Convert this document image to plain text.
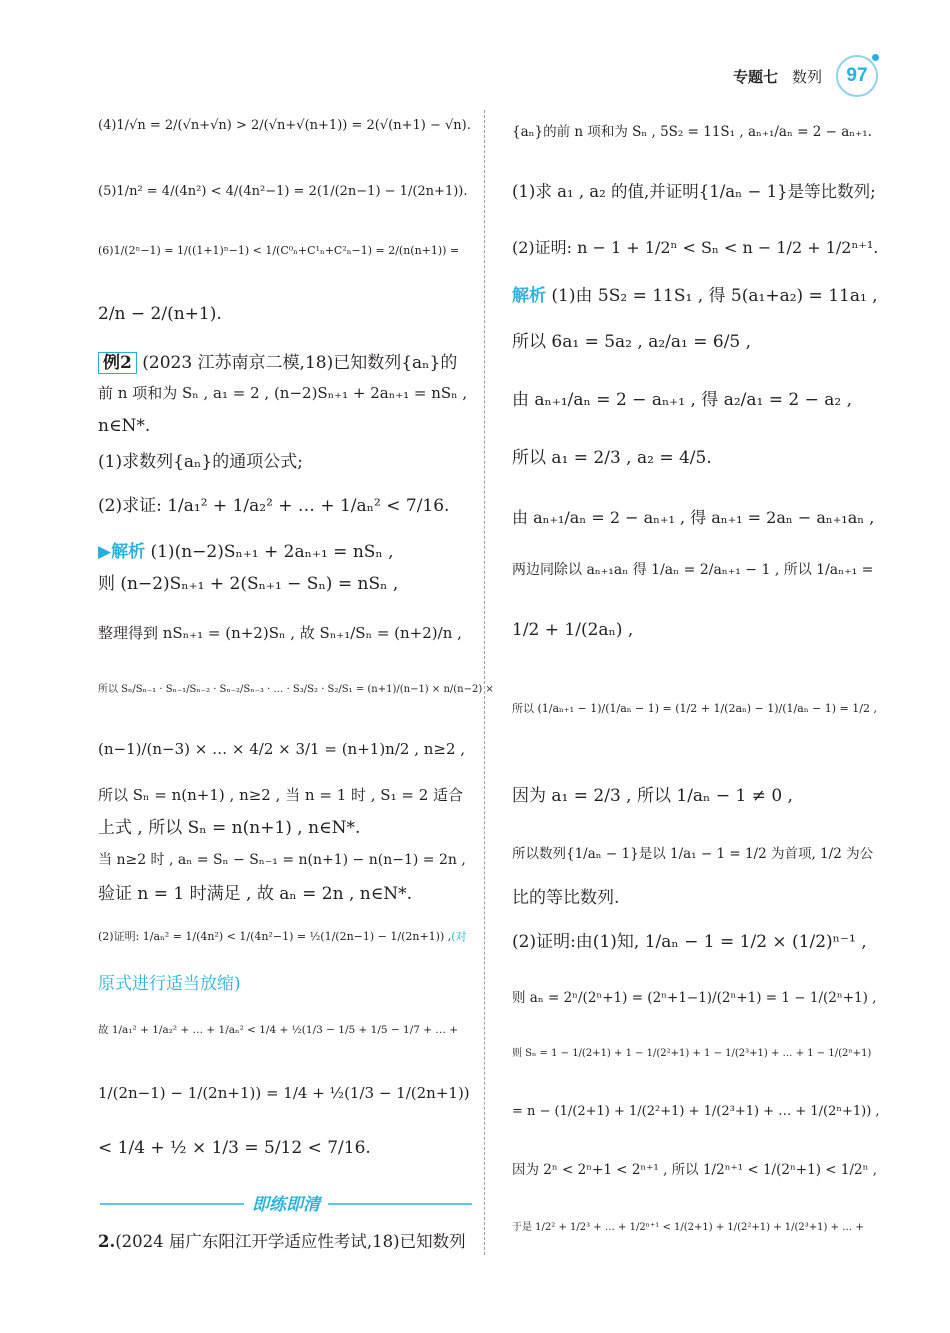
专题七 数列 97
(4)1/√n = 2/(√n+√n) > 2/(√n+√(n+1)) = 2(√(n+1) − √n).
(5)1/n² = 4/(4n²) < 4/(4n²−1) = 2(1/(2n−1) − 1/(2n+1)).
(6)1/(2ⁿ−1) = 1/((1+1)ⁿ−1) < 1/(C⁰ₙ+C¹ₙ+C²ₙ−1) = 2/(n(n+1)) =
2/n − 2/(n+1).
例2 (2023 江苏南京二模,18)已知数列{aₙ}的
前 n 项和为 Sₙ , a₁ = 2 , (n−2)Sₙ₊₁ + 2aₙ₊₁ = nSₙ ,
n∈N*.
(1)求数列{aₙ}的通项公式;
(2)求证: 1/a₁² + 1/a₂² + … + 1/aₙ² < 7/16.
▶解析 (1)(n−2)Sₙ₊₁ + 2aₙ₊₁ = nSₙ ,
则 (n−2)Sₙ₊₁ + 2(Sₙ₊₁ − Sₙ) = nSₙ ,
整理得到 nSₙ₊₁ = (n+2)Sₙ , 故 Sₙ₊₁/Sₙ = (n+2)/n ,
所以 Sₙ/Sₙ₋₁ · Sₙ₋₁/Sₙ₋₂ · Sₙ₋₂/Sₙ₋₃ · … · S₃/S₂ · S₂/S₁ = (n+1)/(n−1) × n/(n−2) ×
(n−1)/(n−3) × … × 4/2 × 3/1 = (n+1)n/2 , n≥2 ,
所以 Sₙ = n(n+1) , n≥2 , 当 n = 1 时 , S₁ = 2 适合
上式 , 所以 Sₙ = n(n+1) , n∈N*.
当 n≥2 时 , aₙ = Sₙ − Sₙ₋₁ = n(n+1) − n(n−1) = 2n ,
验证 n = 1 时满足 , 故 aₙ = 2n , n∈N*.
(2)证明: 1/aₙ² = 1/(4n²) < 1/(4n²−1) = ½(1/(2n−1) − 1/(2n+1)) ,(对
原式进行适当放缩)
故 1/a₁² + 1/a₂² + … + 1/aₙ² < 1/4 + ½(1/3 − 1/5 + 1/5 − 1/7 + … +
1/(2n−1) − 1/(2n+1)) = 1/4 + ½(1/3 − 1/(2n+1))
< 1/4 + ½ × 1/3 = 5/12 < 7/16.
2.(2024 届广东阳江开学适应性考试,18)已知数列
即练即清
{aₙ}的前 n 项和为 Sₙ , 5S₂ = 11S₁ , aₙ₊₁/aₙ = 2 − aₙ₊₁.
(1)求 a₁ , a₂ 的值,并证明{1/aₙ − 1}是等比数列;
(2)证明: n − 1 + 1/2ⁿ < Sₙ < n − 1/2 + 1/2ⁿ⁺¹.
解析 (1)由 5S₂ = 11S₁ , 得 5(a₁+a₂) = 11a₁ ,
所以 6a₁ = 5a₂ , a₂/a₁ = 6/5 ,
由 aₙ₊₁/aₙ = 2 − aₙ₊₁ , 得 a₂/a₁ = 2 − a₂ ,
所以 a₁ = 2/3 , a₂ = 4/5.
由 aₙ₊₁/aₙ = 2 − aₙ₊₁ , 得 aₙ₊₁ = 2aₙ − aₙ₊₁aₙ ,
两边同除以 aₙ₊₁aₙ 得 1/aₙ = 2/aₙ₊₁ − 1 , 所以 1/aₙ₊₁ =
1/2 + 1/(2aₙ) ,
所以 (1/aₙ₊₁ − 1)/(1/aₙ − 1) = (1/2 + 1/(2aₙ) − 1)/(1/aₙ − 1) = 1/2 ,
因为 a₁ = 2/3 , 所以 1/aₙ − 1 ≠ 0 ,
所以数列{1/aₙ − 1}是以 1/a₁ − 1 = 1/2 为首项, 1/2 为公
比的等比数列.
(2)证明:由(1)知, 1/aₙ − 1 = 1/2 × (1/2)ⁿ⁻¹ ,
则 aₙ = 2ⁿ/(2ⁿ+1) = (2ⁿ+1−1)/(2ⁿ+1) = 1 − 1/(2ⁿ+1) ,
则 Sₙ = 1 − 1/(2+1) + 1 − 1/(2²+1) + 1 − 1/(2³+1) + … + 1 − 1/(2ⁿ+1)
= n − (1/(2+1) + 1/(2²+1) + 1/(2³+1) + … + 1/(2ⁿ+1)) ,
因为 2ⁿ < 2ⁿ+1 < 2ⁿ⁺¹ , 所以 1/2ⁿ⁺¹ < 1/(2ⁿ+1) < 1/2ⁿ ,
于是 1/2² + 1/2³ + … + 1/2ⁿ⁺¹ < 1/(2+1) + 1/(2²+1) + 1/(2³+1) + … +
